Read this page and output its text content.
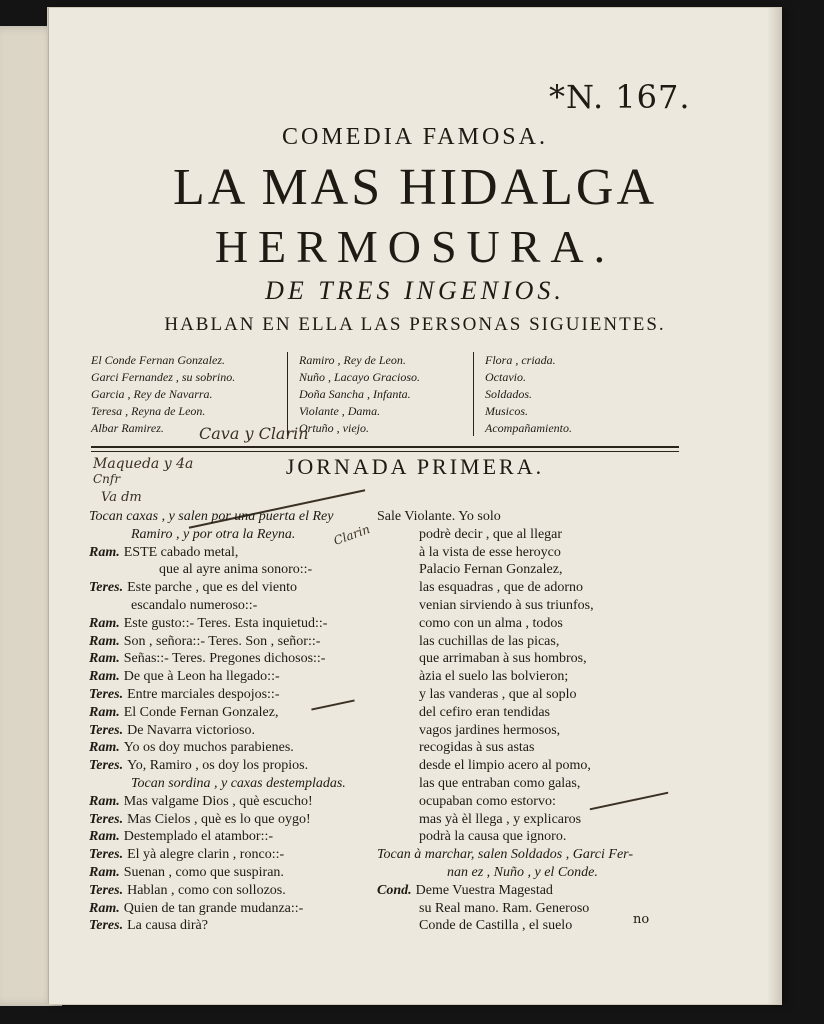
*N. 167.

COMEDIA FAMOSA.

LA MAS HIDALGA

HERMOSURA.

DE TRES INGENIOS.

HABLAN EN ELLA LAS PERSONAS SIGUIENTES.

El Conde Fernan Gonzalez.
Garci Fernandez , su sobrino.
Garcia , Rey de Navarra.
Teresa , Reyna de Leon.
Albar Ramirez.
Ramiro , Rey de Leon.
Nuño , Lacayo Gracioso.
Doña Sancha , Infanta.
Violante , Dama.
Ortuño , viejo.
Flora , criada.
Octavio.
Soldados.
Musicos.
Acompañamiento.

Cava y Clarin

Maqueda y 4a

Cnfr

Va dm

Clarin

JORNADA PRIMERA.

Tocan caxas , y salen por una puerta el Rey
Ramiro , y por otra la Reyna.
Ram. ESTE cabado metal,
que al ayre anima sonoro::-
Teres. Este parche , que es del viento
escandalo numeroso::-
Ram. Este gusto::- Teres. Esta inquietud::-
Ram. Son , señora::- Teres. Son , señor::-
Ram. Señas::- Teres. Pregones dichosos::-
Ram. De que à Leon ha llegado::-
Teres. Entre marciales despojos::-
Ram. El Conde Fernan Gonzalez,
Teres. De Navarra victorioso.
Ram. Yo os doy muchos parabienes.
Teres. Yo, Ramiro , os doy los propios.
Tocan sordina , y caxas destempladas.
Ram. Mas valgame Dios , què escucho!
Teres. Mas Cielos , què es lo que oygo!
Ram. Destemplado el atambor::-
Teres. El yà alegre clarin , ronco::-
Ram. Suenan , como que suspiran.
Teres. Hablan , como con sollozos.
Ram. Quien de tan grande mudanza::-
Teres. La causa dirà?
Sale Violante. Yo solo
podrè decir , que al llegar
à la vista de esse heroyco
Palacio Fernan Gonzalez,
las esquadras , que de adorno
venian sirviendo à sus triunfos,
como con un alma , todos
las cuchillas de las picas,
que arrimaban à sus hombros,
àzia el suelo las bolvieron;
y las vanderas , que al soplo
del cefiro eran tendidas
vagos jardines hermosos,
recogidas à sus astas
desde el limpio acero al pomo,
las que entraban como galas,
ocupaban como estorvo:
mas yà èl llega , y explicaros
podrà la causa que ignoro.
Tocan à marchar, salen Soldados , Garci Fer-
nan ez , Nuño , y el Conde.
Cond. Deme Vuestra Magestad
su Real mano. Ram. Generoso
Conde de Castilla , el suelo	no
